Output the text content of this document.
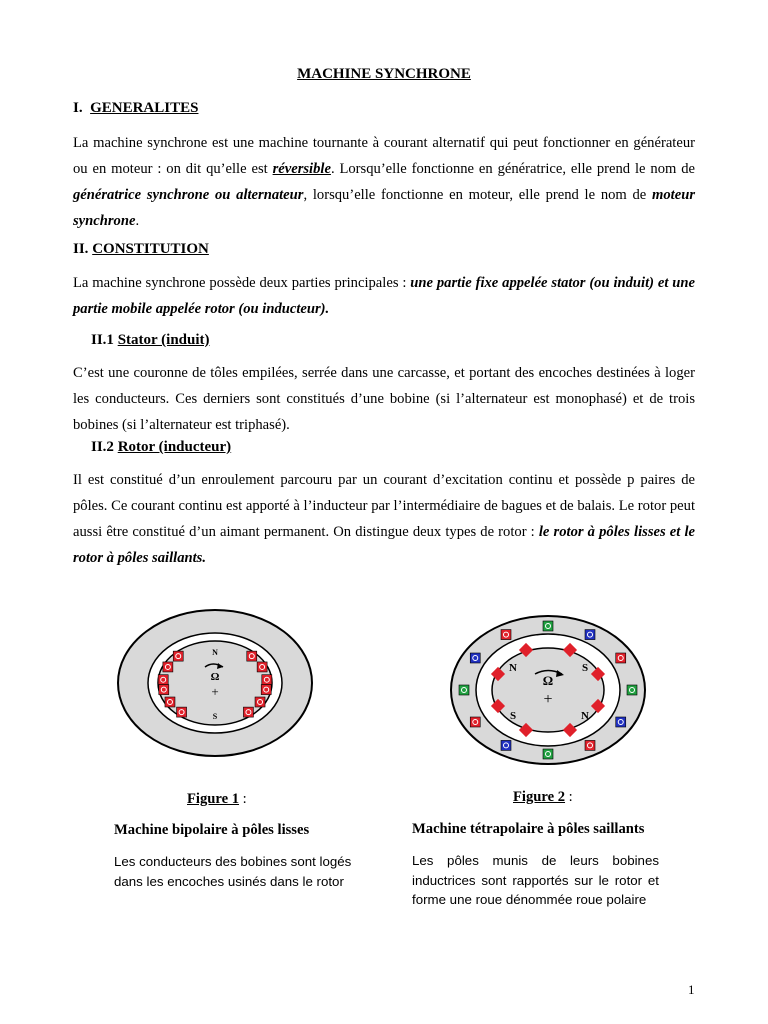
MACHINE SYNCHRONE
I. GENERALITES
La machine synchrone est une machine tournante à courant alternatif qui peut fonctionner en générateur ou en moteur : on dit qu’elle est réversible. Lorsqu’elle fonctionne en génératrice, elle prend le nom de génératrice synchrone ou alternateur, lorsqu’elle fonctionne en moteur, elle prend le nom de moteur synchrone.
II. CONSTITUTION
La machine synchrone possède deux parties principales : une partie fixe appelée stator (ou induit) et une partie mobile appelée rotor (ou inducteur).
II.1 Stator (induit)
C’est une couronne de tôles empilées, serrée dans une carcasse, et portant des encoches destinées à loger les conducteurs. Ces derniers sont constitués d’une bobine (si l’alternateur est monophasé) et de trois bobines (si l’alternateur est triphasé).
II.2 Rotor (inducteur)
Il est constitué d’un enroulement parcouru par un courant d’excitation continu et possède p paires de pôles. Ce courant continu est apporté à l’inducteur par l’intermédiaire de bagues et de balais. Le rotor peut aussi être constitué d’un aimant permanent. On distingue deux types de rotor : le rotor à pôles lisses et le rotor à pôles saillants.
N
S
Ω
+
N	S
S	N
Ω
+
Figure 1 :
Machine bipolaire à pôles lisses
Les conducteurs des bobines sont logés dans les encoches usinés dans le rotor
Figure 2 :
Machine tétrapolaire à pôles saillants
Les pôles munis de leurs bobines inductrices sont rapportés sur le rotor et forme une roue dénommée roue polaire
1
